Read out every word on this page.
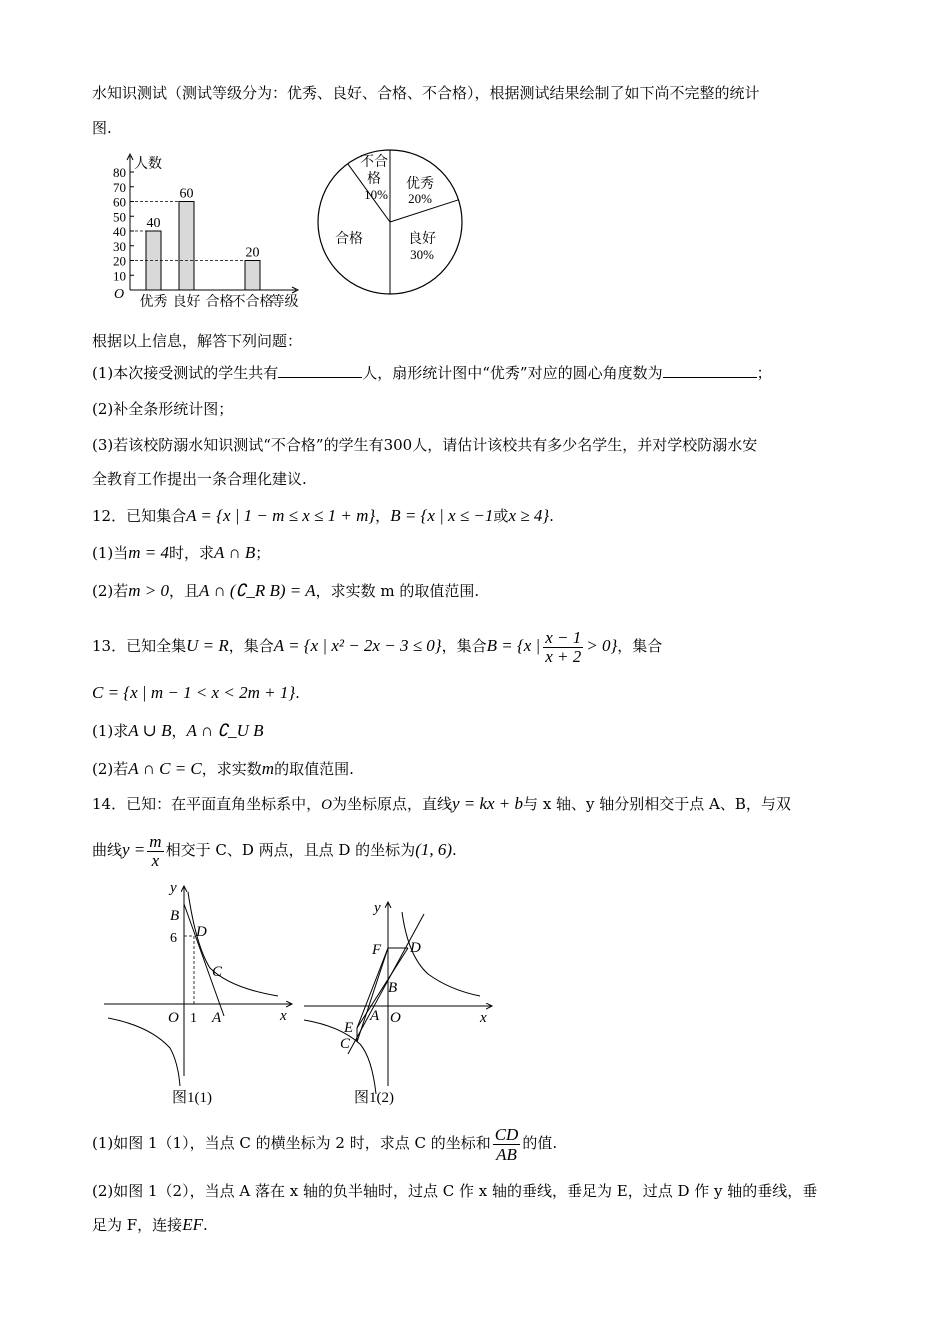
水知识测试（测试等级分为：优秀、良好、合格、不合格），根据测试结果绘制了如下尚不完整的统计
图.
人数
O
10
20
30
40
50
60
70
80
优秀
40
良好
60
合格
不合格
20
等级
优秀
20%
良好
30%
合格
不合
格
10%
根据以上信息，解答下列问题：
(1)本次接受测试的学生共有	人，扇形统计图中“优秀”对应的圆心角度数为	；
(2)补全条形统计图；
(3)若该校防溺水知识测试“不合格”的学生有300人，请估计该校共有多少名学生，并对学校防溺水安
全教育工作提出一条合理化建议.
12．已知集合A = {x | 1 − m ≤ x ≤ 1 + m}，B = {x | x ≤ −1或x ≥ 4}.
(1)当m = 4时，求A ∩ B；
(2)若m > 0，且A ∩ (∁_R B) = A，求实数 m 的取值范围.
13．已知全集U = R，集合A = {x | x² − 2x − 3 ≤ 0}，集合B = {x | $\frac{x - 1}{x + 2} > 0$}，集合
C = {x | m − 1 < x < 2m + 1}.
(1)求A ∪ B，A ∩ ∁_U B
(2)若A ∩ C = C，求实数m的取值范围.
14．已知：在平面直角坐标系中，O为坐标原点，直线y = kx + b与 x 轴、y 轴分别相交于点 A、B，与双
曲线$y = \frac{m}{x}$ 相交于 C、D 两点，且点 D 的坐标为(1, 6).
y
x
O 1 A
B
6 D
C
图1(1)
y
x
O
A
B
C
D
E
F
图1(2)
(1)如图 1（1），当点 C 的横坐标为 2 时，求点 C 的坐标和 $\frac{CD}{AB}$ 的值.
(2)如图 1（2），当点 A 落在 x 轴的负半轴时，过点 C 作 x 轴的垂线，垂足为 E，过点 D 作 y 轴的垂线，垂
足为 F，连接EF.
